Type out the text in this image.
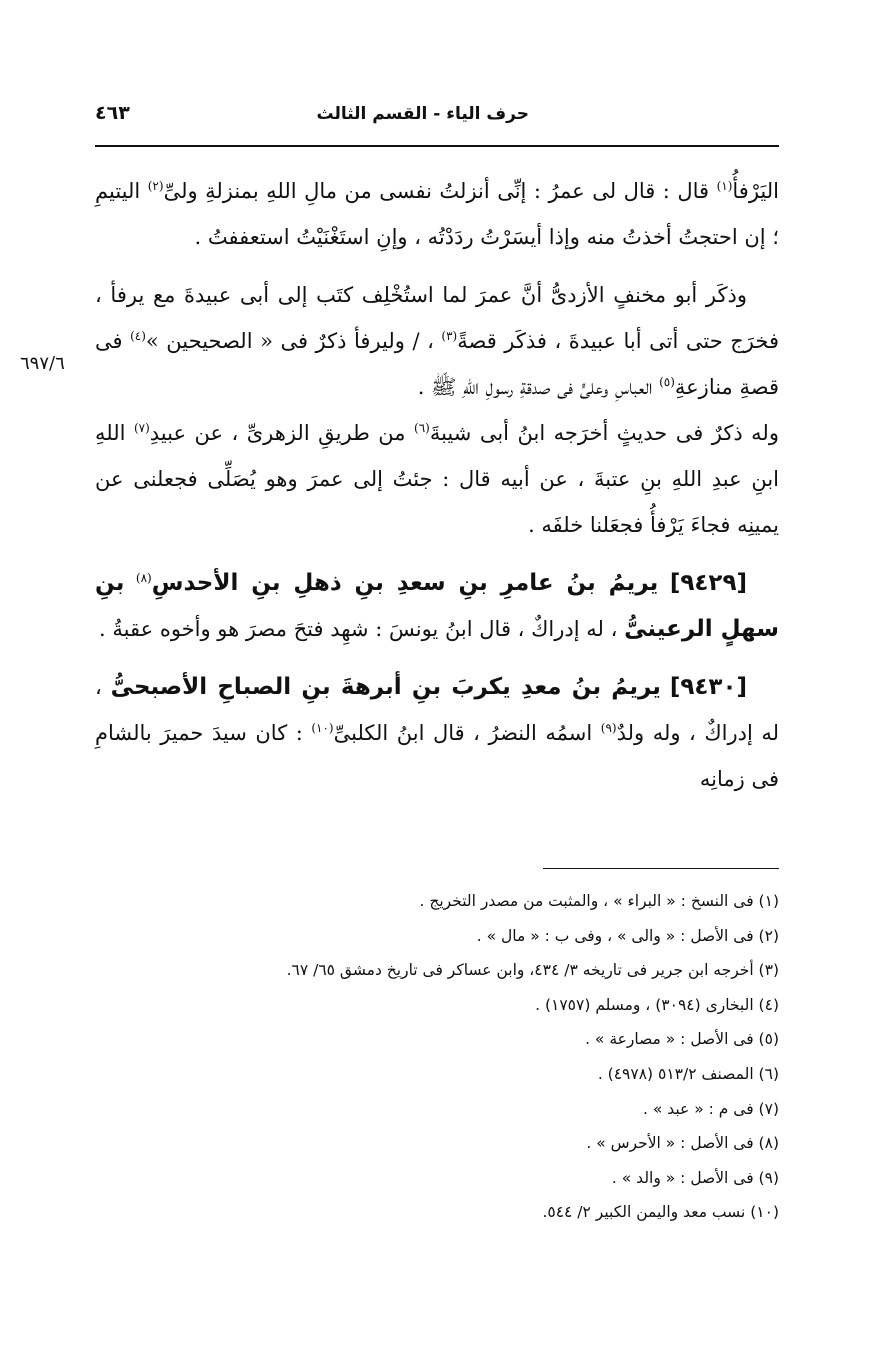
حرف الياء - القسم الثالث
٤٦٣
٦٩٧/٦

اليَرْفأُ$^{(١)}$ قال : قال لى عمرُ : إنِّى أنزلتُ نفسى من مالِ اللهِ بمنزلةِ ولىِّ$^{(٢)}$ اليتيمِ ؛ إن احتجتُ أخذتُ منه وإذا أيسَرْتُ ردَدْتُه ، وإنِ استَغْنَيْتُ استعففتُ .

وذكَر أبو مخنفٍ الأزدىُّ أنَّ عمرَ لما استُخْلِف كتَب إلى أبى عبيدةَ مع يرفأ ، فخرَج حتى أتى أبا عبيدةَ ، فذكَر قصةً$^{(٣)}$ ، / وليرفأ ذكرٌ فى « الصحيحين »$^{(٤)}$ فى قصةِ منازعةِ$^{(٥)}$ العباسِ وعلىٍّ فى صدقةِ رسولِ اللهِ ﷺ .
وله ذكرٌ فى حديثٍ أخرَجه ابنُ أبى شيبةَ$^{(٦)}$ من طريقِ الزهرىِّ ، عن عبيدِ$^{(٧)}$ اللهِ ابنِ عبدِ اللهِ بنِ عتبةَ ، عن أبيه قال : جئتُ إلى عمرَ وهو يُصَلِّى فجعلنى عن يمينِه فجاءَ يَرْفأُ فجعَلنا خلفَه .

[٩٤٢٩] يريمُ بنُ عامرِ بنِ سعدِ بنِ ذهلِ بنِ الأحدسِ$^{(٨)}$ بنِ سهلٍ الرعينىُّ ، له إدراكٌ ، قال ابنُ يونسَ : شهِد فتحَ مصرَ هو وأخوه عقبةُ .

[٩٤٣٠] يريمُ بنُ معدِ يكربَ بنِ أبرهةَ بنِ الصباحِ الأصبحىُّ ، له إدراكٌ ، وله ولدٌ$^{(٩)}$ اسمُه النضرُ ، قال ابنُ الكلبىِّ$^{(١٠)}$ : كان سيدَ حميرَ بالشامِ فى زمانِه

(١) فى النسخ : « البراء » ، والمثبت من مصدر التخريج .
(٢) فى الأصل : « والى » ، وفى ب : « مال » .
(٣) أخرجه ابن جرير فى تاريخه ٣/ ٤٣٤، وابن عساكر فى تاريخ دمشق ٦٥/ ٦٧.
(٤) البخارى (٣٠٩٤) ، ومسلم (١٧٥٧) .
(٥) فى الأصل : « مصارعة » .
(٦) المصنف ٥١٣/٢ (٤٩٧٨) .
(٧) فى م : « عبد » .
(٨) فى الأصل : « الأحرس » .
(٩) فى الأصل : « والد » .
(١٠) نسب معد واليمن الكبير ٢/ ٥٤٤.
